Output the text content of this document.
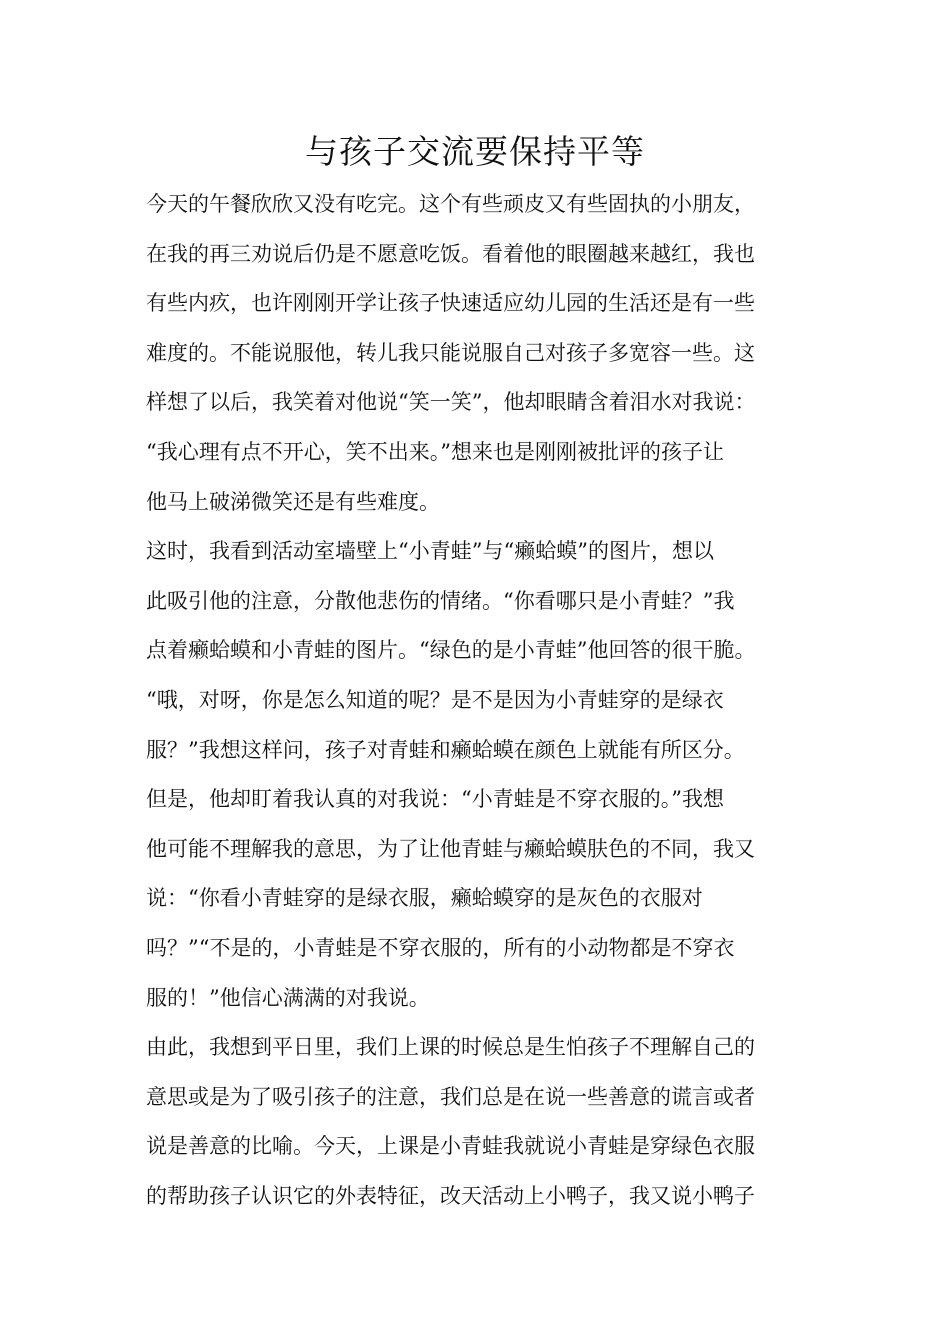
与孩子交流要保持平等
今天的午餐欣欣又没有吃完。这个有些顽皮又有些固执的小朋友，
在我的再三劝说后仍是不愿意吃饭。看着他的眼圈越来越红，我也
有些内疚，也许刚刚开学让孩子快速适应幼儿园的生活还是有一些
难度的。不能说服他，转儿我只能说服自己对孩子多宽容一些。这
样想了以后，我笑着对他说“笑一笑”，他却眼睛含着泪水对我说：
“我心理有点不开心，笑不出来。”想来也是刚刚被批评的孩子让
他马上破涕微笑还是有些难度。
这时，我看到活动室墙壁上“小青蛙”与“癞蛤蟆”的图片，想以
此吸引他的注意，分散他悲伤的情绪。“你看哪只是小青蛙？”我
点着癞蛤蟆和小青蛙的图片。“绿色的是小青蛙”他回答的很干脆。
“哦，对呀，你是怎么知道的呢？是不是因为小青蛙穿的是绿衣
服？”我想这样问，孩子对青蛙和癞蛤蟆在颜色上就能有所区分。
但是，他却盯着我认真的对我说：“小青蛙是不穿衣服的。”我想
他可能不理解我的意思，为了让他青蛙与癞蛤蟆肤色的不同，我又
说：“你看小青蛙穿的是绿衣服，癞蛤蟆穿的是灰色的衣服对
吗？”“不是的，小青蛙是不穿衣服的，所有的小动物都是不穿衣
服的！”他信心满满的对我说。
由此，我想到平日里，我们上课的时候总是生怕孩子不理解自己的
意思或是为了吸引孩子的注意，我们总是在说一些善意的谎言或者
说是善意的比喻。今天，上课是小青蛙我就说小青蛙是穿绿色衣服
的帮助孩子认识它的外表特征，改天活动上小鸭子，我又说小鸭子
